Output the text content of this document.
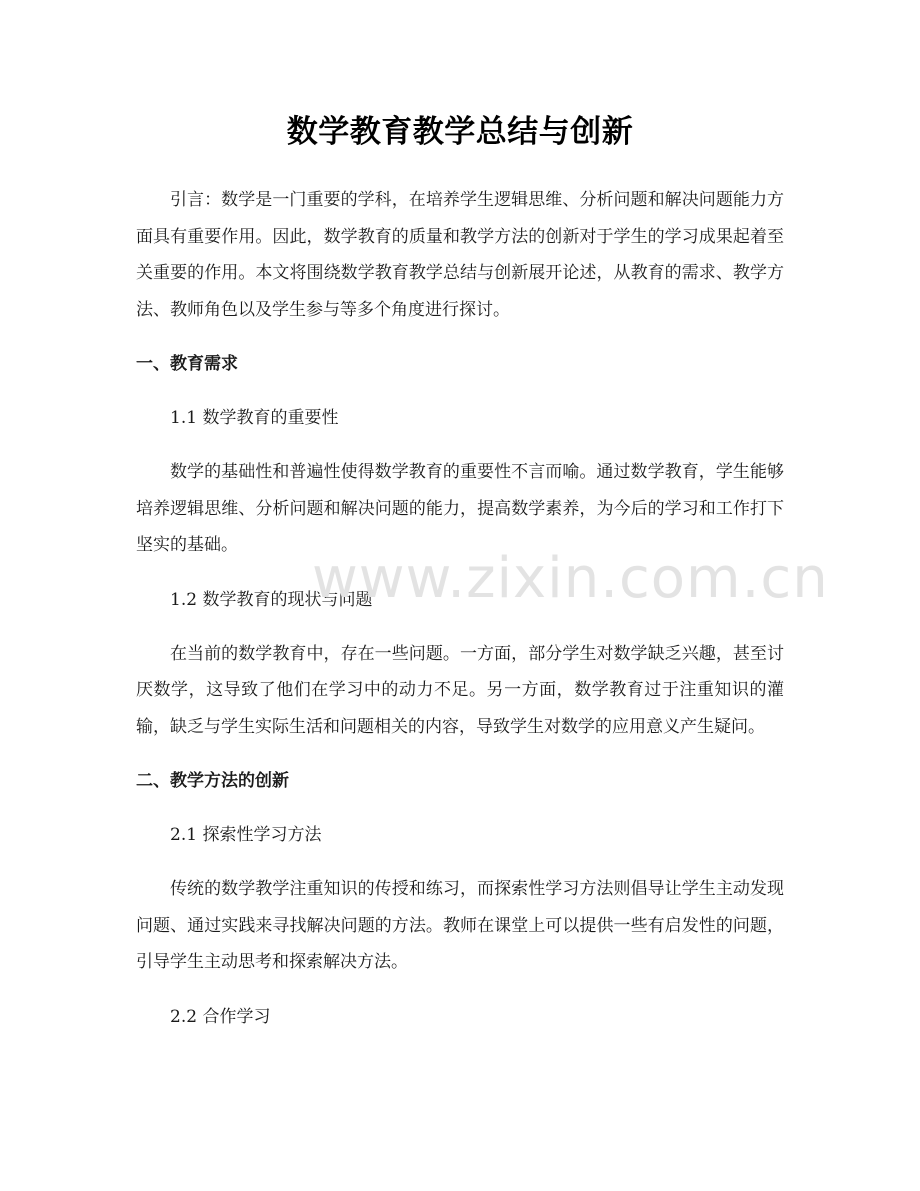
数学教育教学总结与创新

引言：数学是一门重要的学科，在培养学生逻辑思维、分析问题和解决问题能力方面具有重要作用。因此，数学教育的质量和教学方法的创新对于学生的学习成果起着至关重要的作用。本文将围绕数学教育教学总结与创新展开论述，从教育的需求、教学方法、教师角色以及学生参与等多个角度进行探讨。

一、教育需求
1.1 数学教育的重要性

数学的基础性和普遍性使得数学教育的重要性不言而喻。通过数学教育，学生能够培养逻辑思维、分析问题和解决问题的能力，提高数学素养，为今后的学习和工作打下坚实的基础。

1.2 数学教育的现状与问题

在当前的数学教育中，存在一些问题。一方面，部分学生对数学缺乏兴趣，甚至讨厌数学，这导致了他们在学习中的动力不足。另一方面，数学教育过于注重知识的灌输，缺乏与学生实际生活和问题相关的内容，导致学生对数学的应用意义产生疑问。

二、教学方法的创新
2.1 探索性学习方法

传统的数学教学注重知识的传授和练习，而探索性学习方法则倡导让学生主动发现问题、通过实践来寻找解决问题的方法。教师在课堂上可以提供一些有启发性的问题，引导学生主动思考和探索解决方法。

2.2 合作学习
www.zixin.com.cn
